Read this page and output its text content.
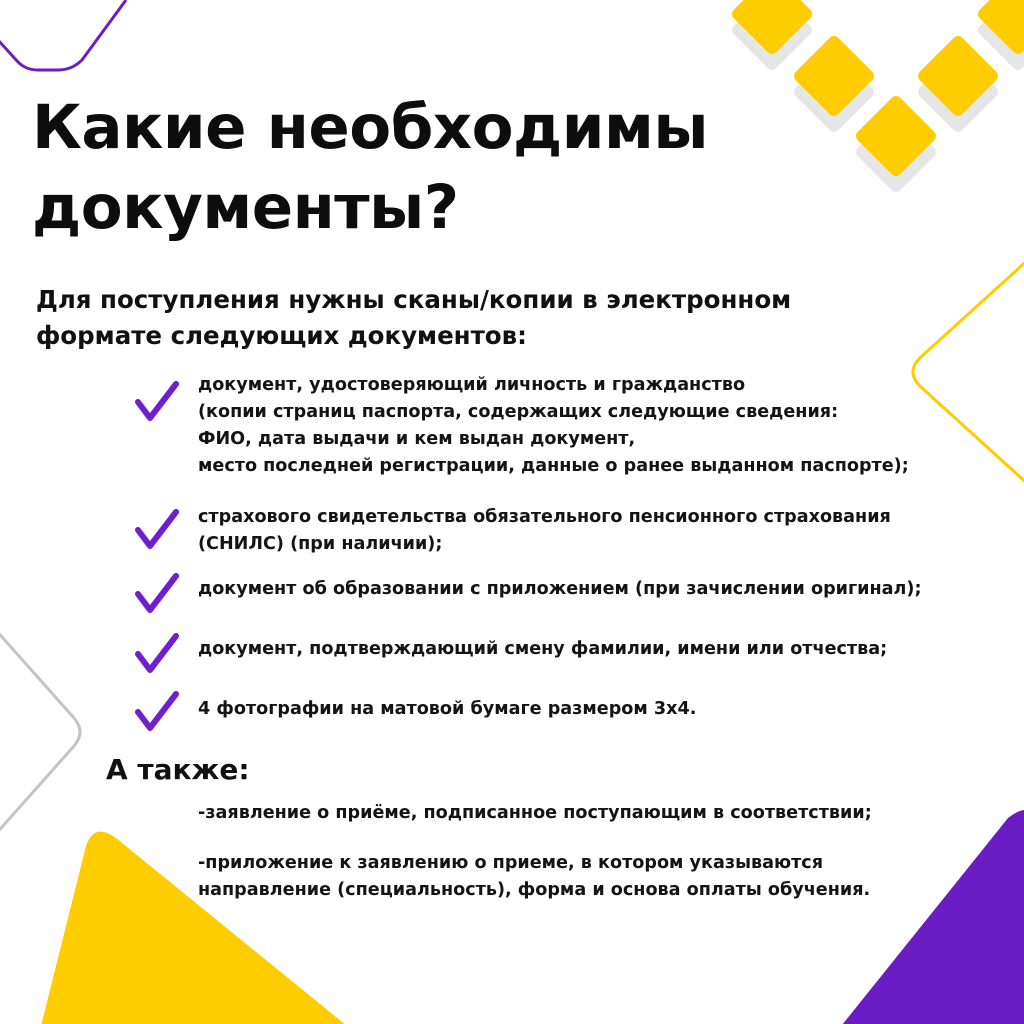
Какие необходимы
документы?

Для поступления нужны сканы/копии в электронном
формате следующих документов:

документ, удостоверяющий личность и гражданство
(копии страниц паспорта, содержащих следующие сведения:
ФИО, дата выдачи и кем выдан документ,
место последней регистрации, данные о ранее выданном паспорте);

страхового свидетельства обязательного пенсионного страхования
(СНИЛС) (при наличии);

документ об образовании с приложением (при зачислении оригинал);

документ, подтверждающий смену фамилии, имени или отчества;

4 фотографии на матовой бумаге размером 3х4.

А также:

-заявление о приёме, подписанное поступающим в соответствии;

-приложение к заявлению о приеме, в котором указываются
направление (специальность), форма и основа оплаты обучения.
